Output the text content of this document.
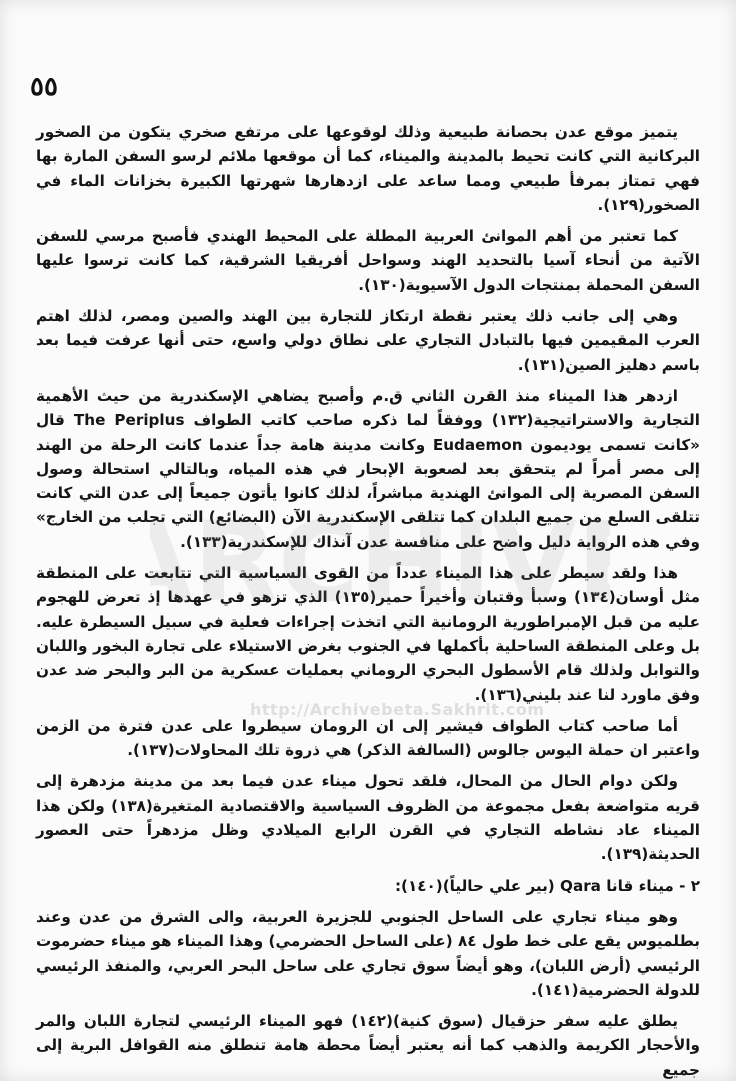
٥٥

يتميز موقع عدن بحصانة طبيعية وذلك لوقوعها على مرتفع صخري يتكون من الصخور البركانية التي كانت تحيط بالمدينة والميناء، كما أن موقعها ملائم لرسو السفن المارة بها فهي تمتاز بمرفأ طبيعي ومما ساعد على ازدهارها شهرتها الكبيرة بخزانات الماء في الصخور(١٢٩).

كما تعتبر من أهم الموانئ العربية المطلة على المحيط الهندي فأصبح مرسي للسفن الآتية من أنحاء آسيا بالتحديد الهند وسواحل أفريقيا الشرقية، كما كانت ترسوا عليها السفن المحملة بمنتجات الدول الآسيوية(١٣٠).

وهي إلى جانب ذلك يعتبر نقطة ارتكاز للتجارة بين الهند والصين ومصر، لذلك اهتم العرب المقيمين فيها بالتبادل التجاري على نطاق دولي واسع، حتى أنها عرفت فيما بعد باسم دهليز الصين(١٣١).

ازدهر هذا الميناء منذ القرن الثاني ق.م وأصبح يضاهي الإسكندرية من حيث الأهمية التجارية والاستراتيجية(١٣٢) ووفقاً لما ذكره صاحب كاتب الطواف The Periplus قال «كانت تسمى يوديمون Eudaemon وكانت مدينة هامة جداً عندما كانت الرحلة من الهند إلى مصر أمراً لم يتحقق بعد لصعوبة الإبحار في هذه المياه، وبالتالي استحالة وصول السفن المصرية إلى الموانئ الهندية مباشراً، لذلك كانوا يأتون جميعاً إلى عدن التي كانت تتلقى السلع من جميع البلدان كما تتلقى الإسكندرية الآن (البضائع) التي تجلب من الخارج» وفي هذه الرواية دليل واضح على منافسة عدن آنذاك للإسكندرية(١٣٣).

هذا ولقد سيطر على هذا الميناء عدداً من القوى السياسية التي تتابعت على المنطقة مثل أوسان(١٣٤) وسبأ وقتبان وأخيراً حمير(١٣٥) الذي تزهو في عهدها إذ تعرض للهجوم عليه من قبل الإمبراطورية الرومانية التي اتخذت إجراءات فعلية في سبيل السيطرة عليه. بل وعلى المنطقة الساحلية بأكملها في الجنوب بغرض الاستيلاء على تجارة البخور واللبان والتوابل ولذلك قام الأسطول البحري الروماني بعمليات عسكرية من البر والبحر ضد عدن وفق ماورد لنا عند بليني(١٣٦).

أما صاحب كتاب الطواف فيشير إلى ان الرومان سيطروا على عدن فترة من الزمن واعتبر ان حملة اليوس جالوس (السالفة الذكر) هي ذروة تلك المحاولات(١٣٧).

ولكن دوام الحال من المحال، فلقد تحول ميناء عدن فيما بعد من مدينة مزدهرة إلى قريه متواضعة بفعل مجموعة من الظروف السياسية والاقتصادية المتغيرة(١٣٨) ولكن هذا الميناء عاد نشاطه التجاري في القرن الرابع الميلادي وظل مزدهراً حتى العصور الحديثة(١٣٩).

٢ - ميناء قانا Qara (بير علي حالياً)(١٤٠):

وهو ميناء تجاري على الساحل الجنوبي للجزيرة العربية، والى الشرق من عدن وعند بطلميوس يقع على خط طول ٨٤ (على الساحل الحضرمي) وهذا الميناء هو ميناء حضرموت الرئيسي (أرض اللبان)، وهو أيضاً سوق تجاري على ساحل البحر العربي، والمنفذ الرئيسي للدولة الحضرمية(١٤١).

يطلق عليه سفر حزقيال (سوق كنية)(١٤٢) فهو الميناء الرئيسي لتجارة اللبان والمر والأحجار الكريمة والذهب كما أنه يعتبر أيضاً محطة هامة تنطلق منه القوافل البرية إلى جميع

ARCHIV
http://Archivebeta.Sakhrit.com
